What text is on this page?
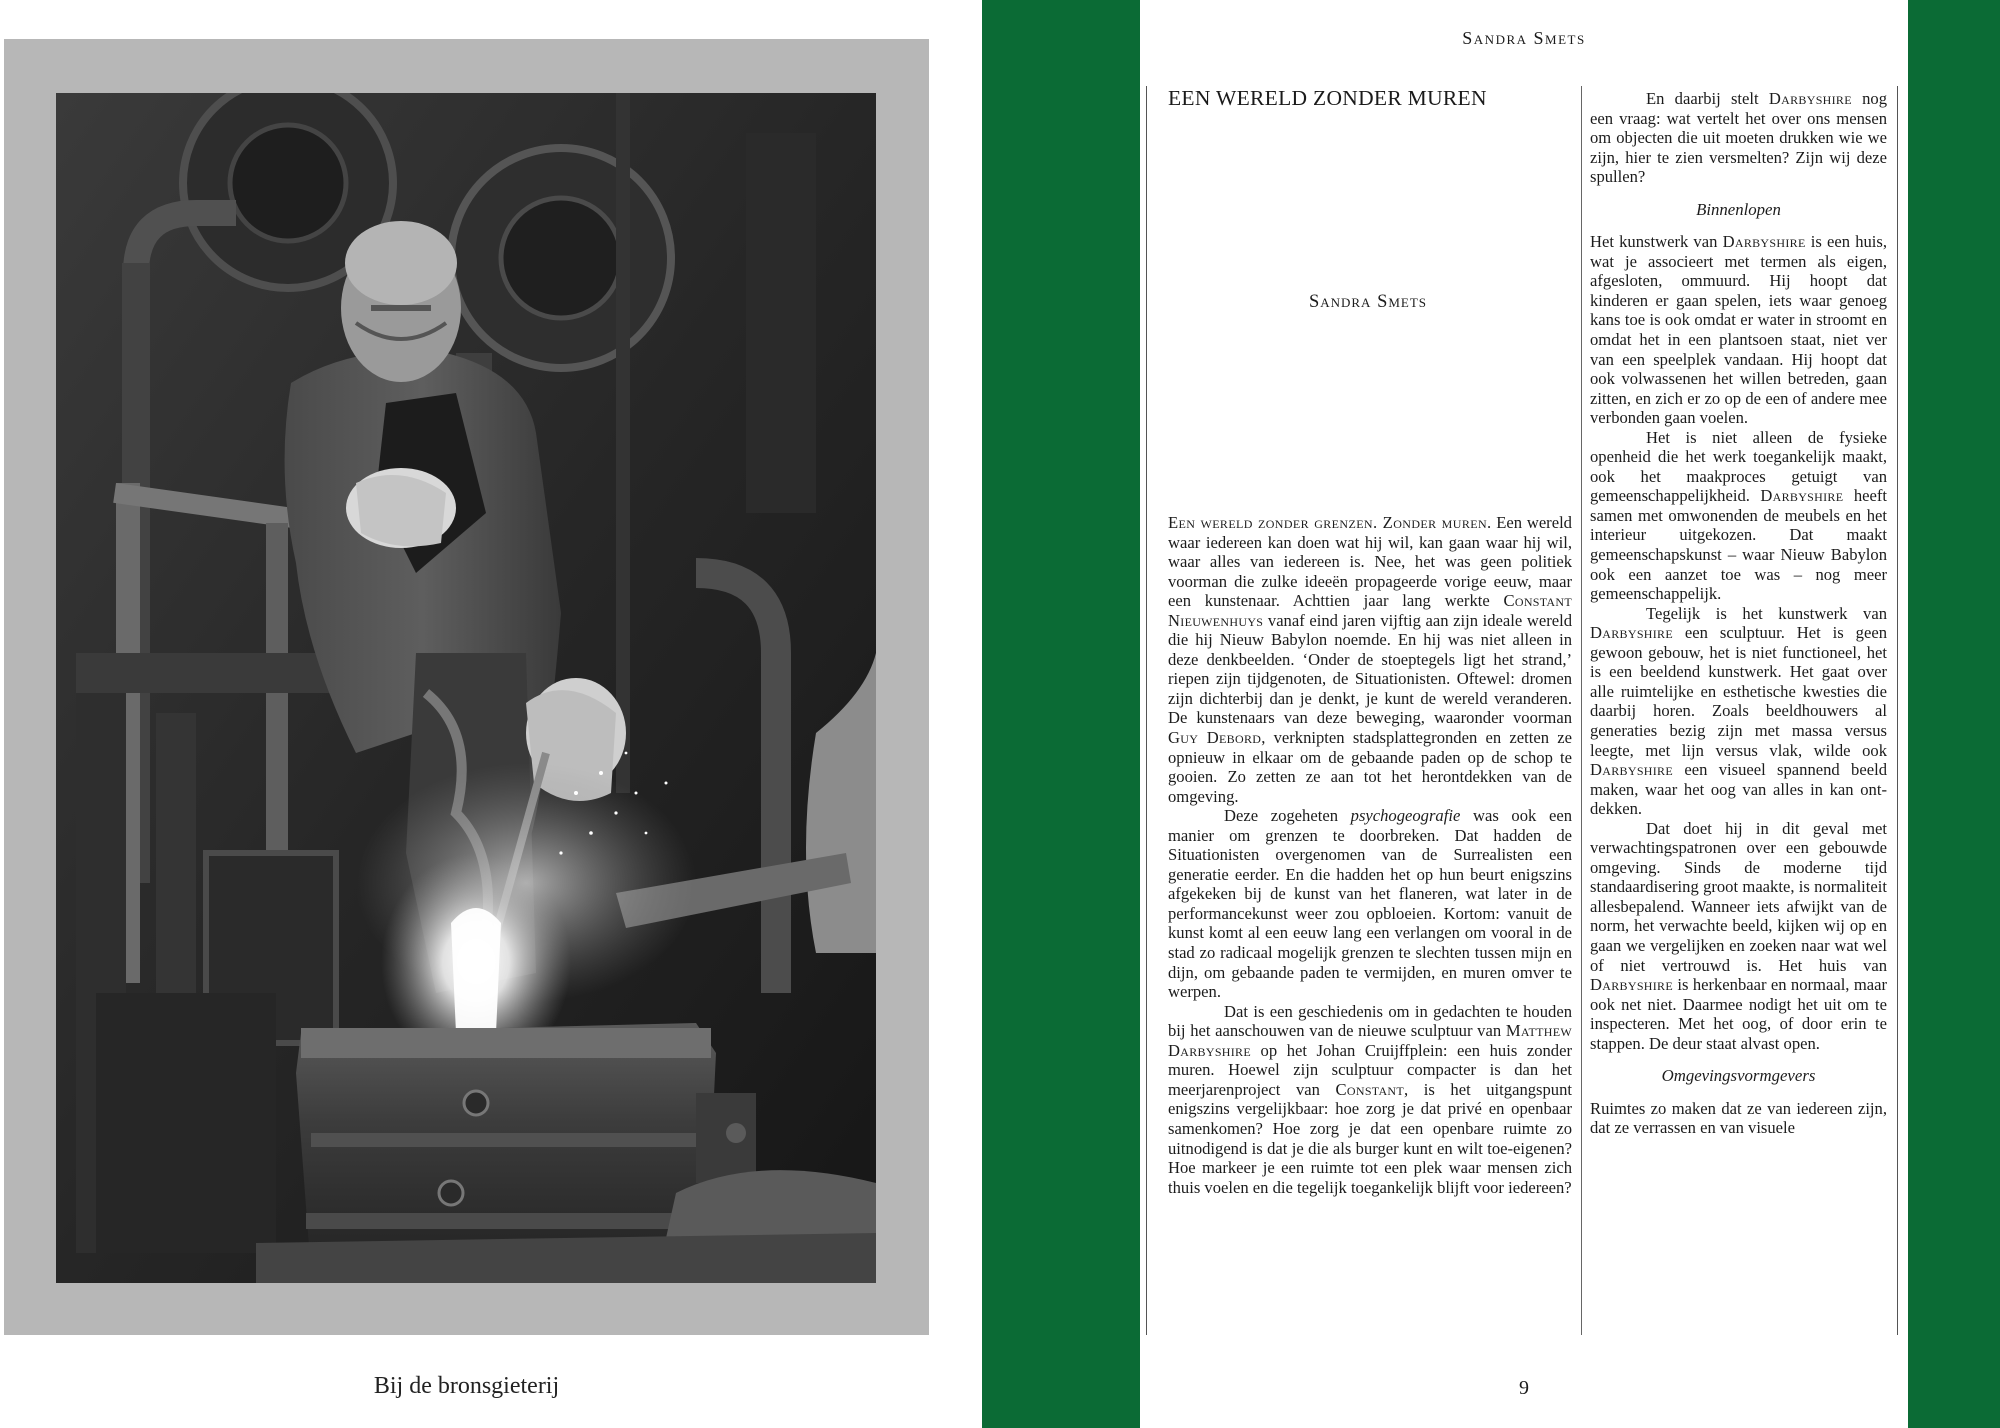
Bij de bronsgieterij
Sandra Smets
EEN WERELD ZONDER MUREN
Sandra Smets

Een wereld zonder grenzen. Zonder muren. Een wereld waar iedereen kan doen wat hij wil, kan gaan waar hij wil, waar alles van iedereen is. Nee, het was geen politiek voorman die zulke ideeën propageerde vorige eeuw, maar een kunstenaar. Achttien jaar lang werkte Constant Nieuwenhuys vanaf eind jaren vijftig aan zijn ideale wereld die hij Nieuw Babylon noemde. En hij was niet alleen in deze denkbeelden. ‘Onder de stoeptegels ligt het strand,’ riepen zijn tijdgenoten, de Situationisten. Oftewel: dromen zijn dichterbij dan je denkt, je kunt de wereld veranderen. De kunstenaars van deze beweging, waaronder voorman Guy Debord, verknipten stadsplattegronden en zetten ze opnieuw in elkaar om de gebaande paden op de schop te gooien. Zo zetten ze aan tot het herontdekken van de omgeving.

Deze zogeheten psychogeografie was ook een manier om grenzen te doorbreken. Dat hadden de Situationisten overgenomen van de Surrealisten een generatie eerder. En die hadden het op hun beurt enigszins afgekeken bij de kunst van het flaneren, wat later in de performancekunst weer zou opbloeien. Kortom: vanuit de kunst komt al een eeuw lang een verlangen om vooral in de stad zo radicaal mogelijk grenzen te slechten tussen mijn en dijn, om gebaande paden te vermijden, en muren omver te werpen.

Dat is een geschiedenis om in gedachten te houden bij het aanschouwen van de nieuwe sculptuur van Matthew Darbyshire op het Johan Cruijffplein: een huis zonder muren. Hoewel zijn sculptuur compacter is dan het meerjarenproject van Constant, is het uitgangspunt enigszins vergelijkbaar: hoe zorg je dat privé en openbaar samenkomen? Hoe zorg je dat een openbare ruimte zo uitnodigend is dat je die als burger kunt en wilt toe-eigenen? Hoe markeer je een ruimte tot een plek waar mensen zich thuis voelen en die tegelijk toegankelijk blijft voor iedereen?

En daarbij stelt Darbyshire nog een vraag: wat vertelt het over ons mensen om objecten die uit moeten drukken wie we zijn, hier te zien versmelten? Zijn wij deze spullen?

Binnenlopen

Het kunstwerk van Darbyshire is een huis, wat je associeert met termen als eigen, afgesloten, ommuurd. Hij hoopt dat kinderen er gaan spelen, iets waar genoeg kans toe is ook omdat er water in stroomt en omdat het in een plantsoen staat, niet ver van een speelplek vandaan. Hij hoopt dat ook volwassenen het willen betreden, gaan zitten, en zich er zo op de een of andere mee verbonden gaan voelen.

Het is niet alleen de fysieke openheid die het werk toegankelijk maakt, ook het maakproces getuigt van gemeenschappelijkheid. Darbyshire heeft samen met omwonenden de meubels en het interieur uitgekozen. Dat maakt gemeenschapskunst – waar Nieuw Babylon ook een aanzet toe was – nog meer gemeenschappelijk.

Tegelijk is het kunstwerk van Darbyshire een sculptuur. Het is geen gewoon gebouw, het is niet functioneel, het is een beeldend kunstwerk. Het gaat over alle ruimtelijke en esthetische kwesties die daarbij horen. Zoals beeldhouwers al generaties bezig zijn met massa versus leegte, met lijn versus vlak, wilde ook Darbyshire een visueel spannend beeld maken, waar het oog van alles in kan ontdekken.

Dat doet hij in dit geval met verwachtingspatronen over een gebouwde omgeving. Sinds de moderne tijd standaardisering groot maakte, is normaliteit allesbepalend. Wanneer iets afwijkt van de norm, het verwachte beeld, kijken wij op en gaan we vergelijken en zoeken naar wat wel of niet vertrouwd is. Het huis van Darbyshire is herkenbaar en normaal, maar ook net niet. Daarmee nodigt het uit om te inspecteren. Met het oog, of door erin te stappen. De deur staat alvast open.

Omgevingsvormgevers

Ruimtes zo maken dat ze van iedereen zijn, dat ze verrassen en van visuele

9
